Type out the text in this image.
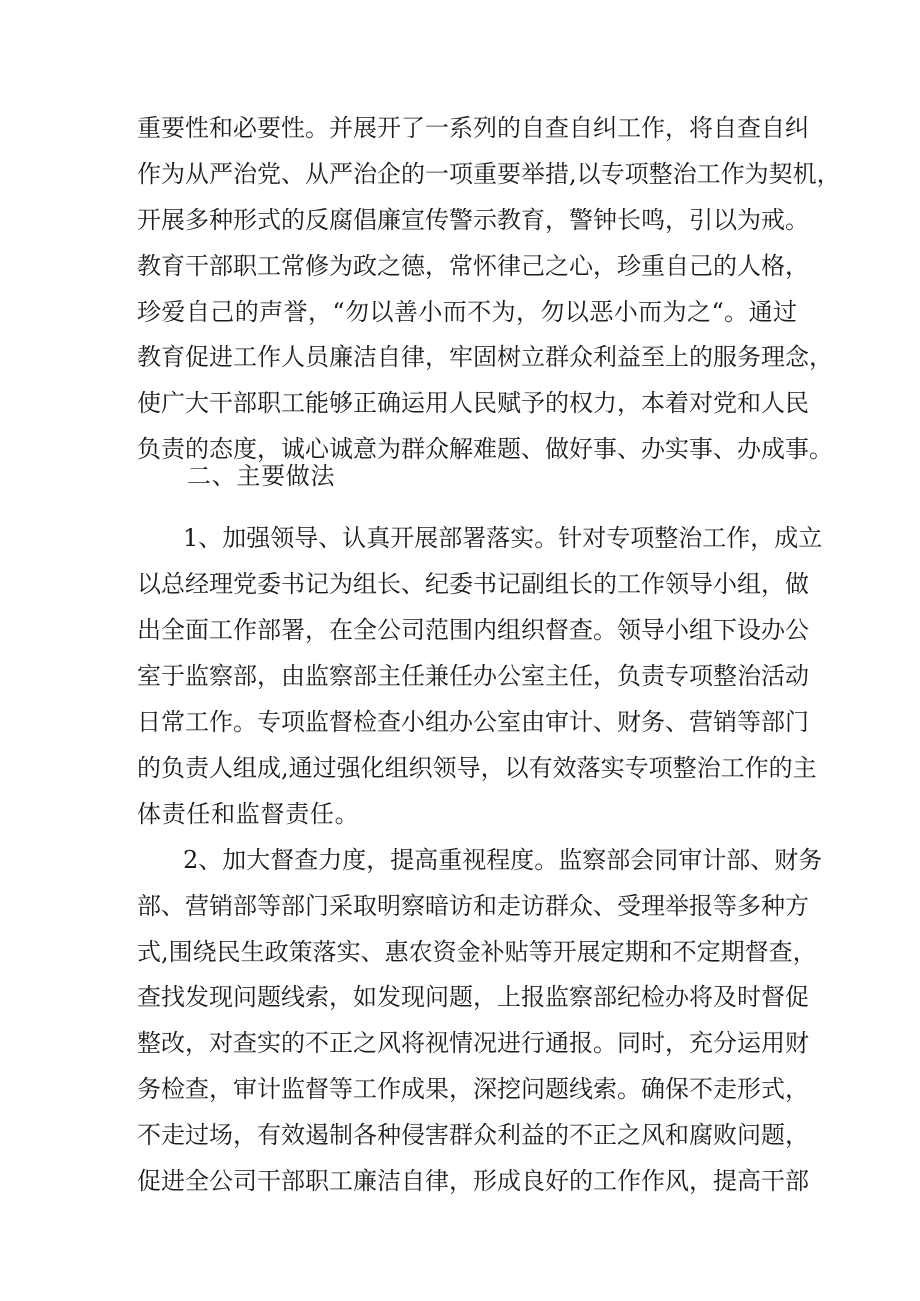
重要性和必要性。并展开了一系列的自查自纠工作，将自查自纠
作为从严治党、从严治企的一项重要举措,以专项整治工作为契机，
开展多种形式的反腐倡廉宣传警示教育，警钟长鸣，引以为戒。
教育干部职工常修为政之德，常怀律己之心，珍重自己的人格，
珍爱自己的声誉，“勿以善小而不为，勿以恶小而为之“。通过
教育促进工作人员廉洁自律，牢固树立群众利益至上的服务理念，
使广大干部职工能够正确运用人民赋予的权力，本着对党和人民
负责的态度，诚心诚意为群众解难题、做好事、办实事、办成事。
二、主要做法
1、加强领导、认真开展部署落实。针对专项整治工作，成立
以总经理党委书记为组长、纪委书记副组长的工作领导小组，做
出全面工作部署，在全公司范围内组织督查。领导小组下设办公
室于监察部，由监察部主任兼任办公室主任，负责专项整治活动
日常工作。专项监督检查小组办公室由审计、财务、营销等部门
的负责人组成,通过强化组织领导，以有效落实专项整治工作的主
体责任和监督责任。
2、加大督查力度，提高重视程度。监察部会同审计部、财务
部、营销部等部门采取明察暗访和走访群众、受理举报等多种方
式,围绕民生政策落实、惠农资金补贴等开展定期和不定期督查，
查找发现问题线索，如发现问题，上报监察部纪检办将及时督促
整改，对查实的不正之风将视情况进行通报。同时，充分运用财
务检查，审计监督等工作成果，深挖问题线索。确保不走形式，
不走过场，有效遏制各种侵害群众利益的不正之风和腐败问题，
促进全公司干部职工廉洁自律，形成良好的工作作风，提高干部
